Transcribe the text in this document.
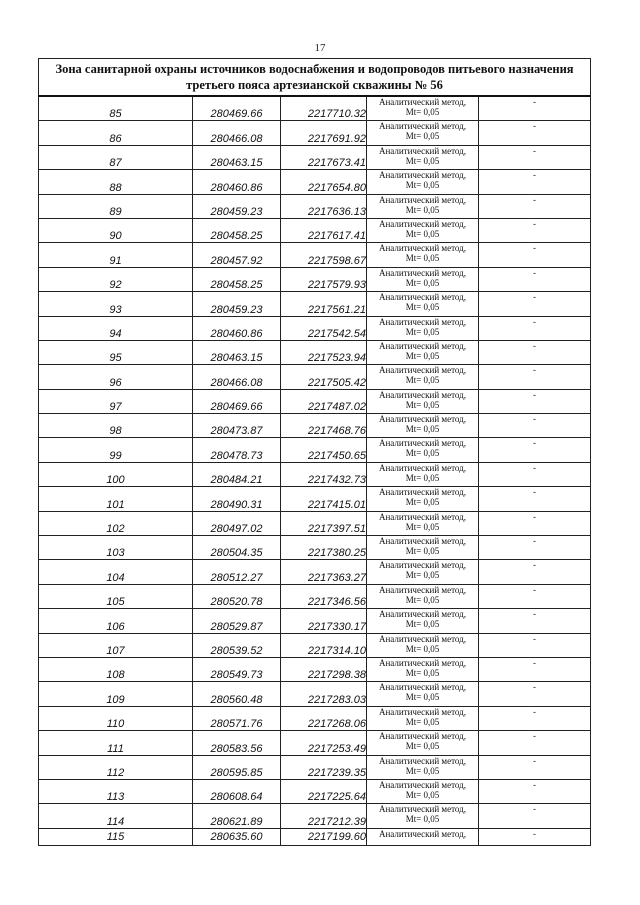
17
Зона санитарной охраны источников водоснабжения и водопроводов питьевого назначения
третьего пояса артезианской скважины № 56				

85	280469.66	2217710.32	Аналитический метод,
Mt= 0,05	-
86	280466.08	2217691.92	Аналитический метод,
Mt= 0,05	-
87	280463.15	2217673.41	Аналитический метод,
Mt= 0,05	-
88	280460.86	2217654.80	Аналитический метод,
Mt= 0,05	-
89	280459.23	2217636.13	Аналитический метод,
Mt= 0,05	-
90	280458.25	2217617.41	Аналитический метод,
Mt= 0,05	-
91	280457.92	2217598.67	Аналитический метод,
Mt= 0,05	-
92	280458.25	2217579.93	Аналитический метод,
Mt= 0,05	-
93	280459.23	2217561.21	Аналитический метод,
Mt= 0,05	-
94	280460.86	2217542.54	Аналитический метод,
Mt= 0,05	-
95	280463.15	2217523.94	Аналитический метод,
Mt= 0,05	-
96	280466.08	2217505.42	Аналитический метод,
Mt= 0,05	-
97	280469.66	2217487.02	Аналитический метод,
Mt= 0,05	-
98	280473.87	2217468.76	Аналитический метод,
Mt= 0,05	-
99	280478.73	2217450.65	Аналитический метод,
Mt= 0,05	-
100	280484.21	2217432.73	Аналитический метод,
Mt= 0,05	-
101	280490.31	2217415.01	Аналитический метод,
Mt= 0,05	-
102	280497.02	2217397.51	Аналитический метод,
Mt= 0,05	-
103	280504.35	2217380.25	Аналитический метод,
Mt= 0,05	-
104	280512.27	2217363.27	Аналитический метод,
Mt= 0,05	-
105	280520.78	2217346.56	Аналитический метод,
Mt= 0,05	-
106	280529.87	2217330.17	Аналитический метод,
Mt= 0,05	-
107	280539.52	2217314.10	Аналитический метод,
Mt= 0,05	-
108	280549.73	2217298.38	Аналитический метод,
Mt= 0,05	-
109	280560.48	2217283.03	Аналитический метод,
Mt= 0,05	-
110	280571.76	2217268.06	Аналитический метод,
Mt= 0,05	-
111	280583.56	2217253.49	Аналитический метод,
Mt= 0,05	-
112	280595.85	2217239.35	Аналитический метод,
Mt= 0,05	-
113	280608.64	2217225.64	Аналитический метод,
Mt= 0,05	-
114	280621.89	2217212.39	Аналитический метод,
Mt= 0,05	-
115	280635.60	2217199.60	Аналитический метод,	-
